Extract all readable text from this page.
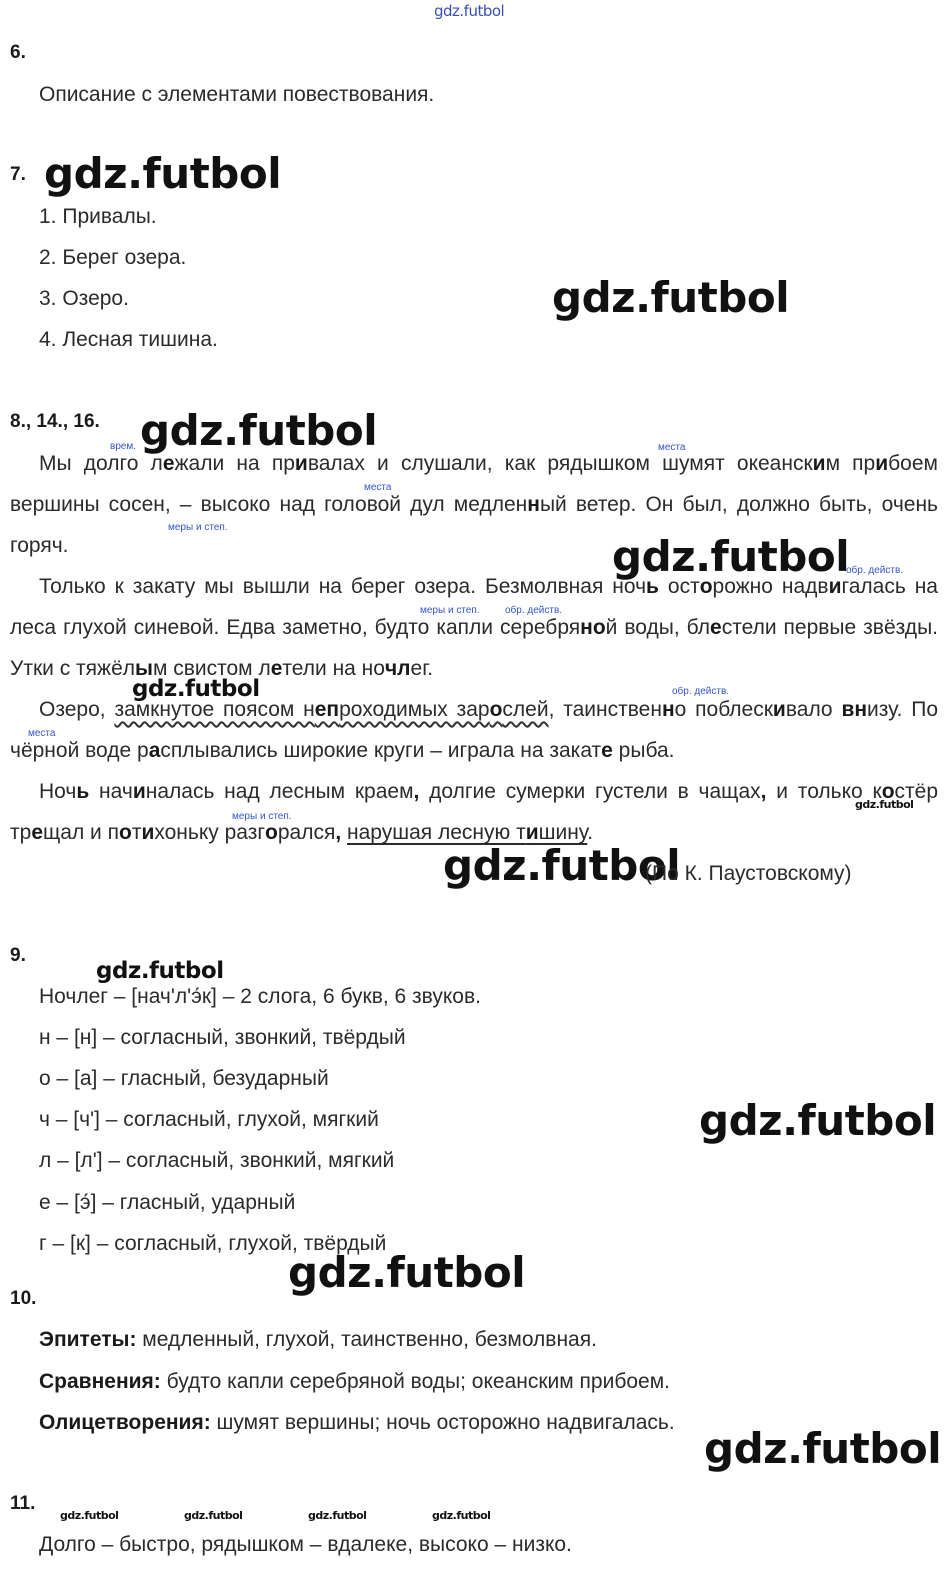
gdz.futbol
6.
Описание с элементами повествования.
7. gdz.futbol
1. Привалы.
2. Берег озера.
3. Озеро.
4. Лесная тишина.
gdz.futbol
8., 14., 16. gdz.futbol
врем.	места
места
меры и степ.
обр. действ.
меры и степ.	обр. действ.
обр. действ.
места
меры и степ.
Мы долго лежали на привалах и слушали, как рядышком шумят океанским прибоем вершины сосен, – высоко над головой дул медленный ветер. Он был, должно быть, очень горяч.
Только к закату мы вышли на берег озера. Безмолвная ночь осторожно надвигалась на леса глухой синевой. Едва заметно, будто капли серебряной воды, блестели первые звёзды. Утки с тяжёлым свистом летели на ночлег.
Озеро, замкнутое поясом непроходимых зарослей, таинственно поблескивало внизу. По чёрной воде расплывались широкие круги – играла на закате рыба.
Ночь начиналась над лесным краем, долгие сумерки густели в чащах, и только костёр трещал и потихоньку разгорался, нарушая лесную тишину.
gdz.futbol
gdz.futbol
gdz.futbol
gdz.futbol
(По К. Паустовскому)
9.
gdz.futbol
Ночлег – [нач'л'э́к] – 2 слога, 6 букв, 6 звуков.
н – [н] – согласный, звонкий, твёрдый
о – [а] – гласный, безударный
ч – [ч'] – согласный, глухой, мягкий
л – [л'] – согласный, звонкий, мягкий
е – [э́] – гласный, ударный
г – [к] – согласный, глухой, твёрдый
gdz.futbol
gdz.futbol
10.
Эпитеты: медленный, глухой, таинственно, безмолвная.
Сравнения: будто капли серебряной воды; океанским прибоем.
Олицетворения: шумят вершины; ночь осторожно надвигалась.
gdz.futbol
11.
gdz.futbol	gdz.futbol	gdz.futbol	gdz.futbol
Долго – быстро, рядышком – вдалеке, высоко – низко.
